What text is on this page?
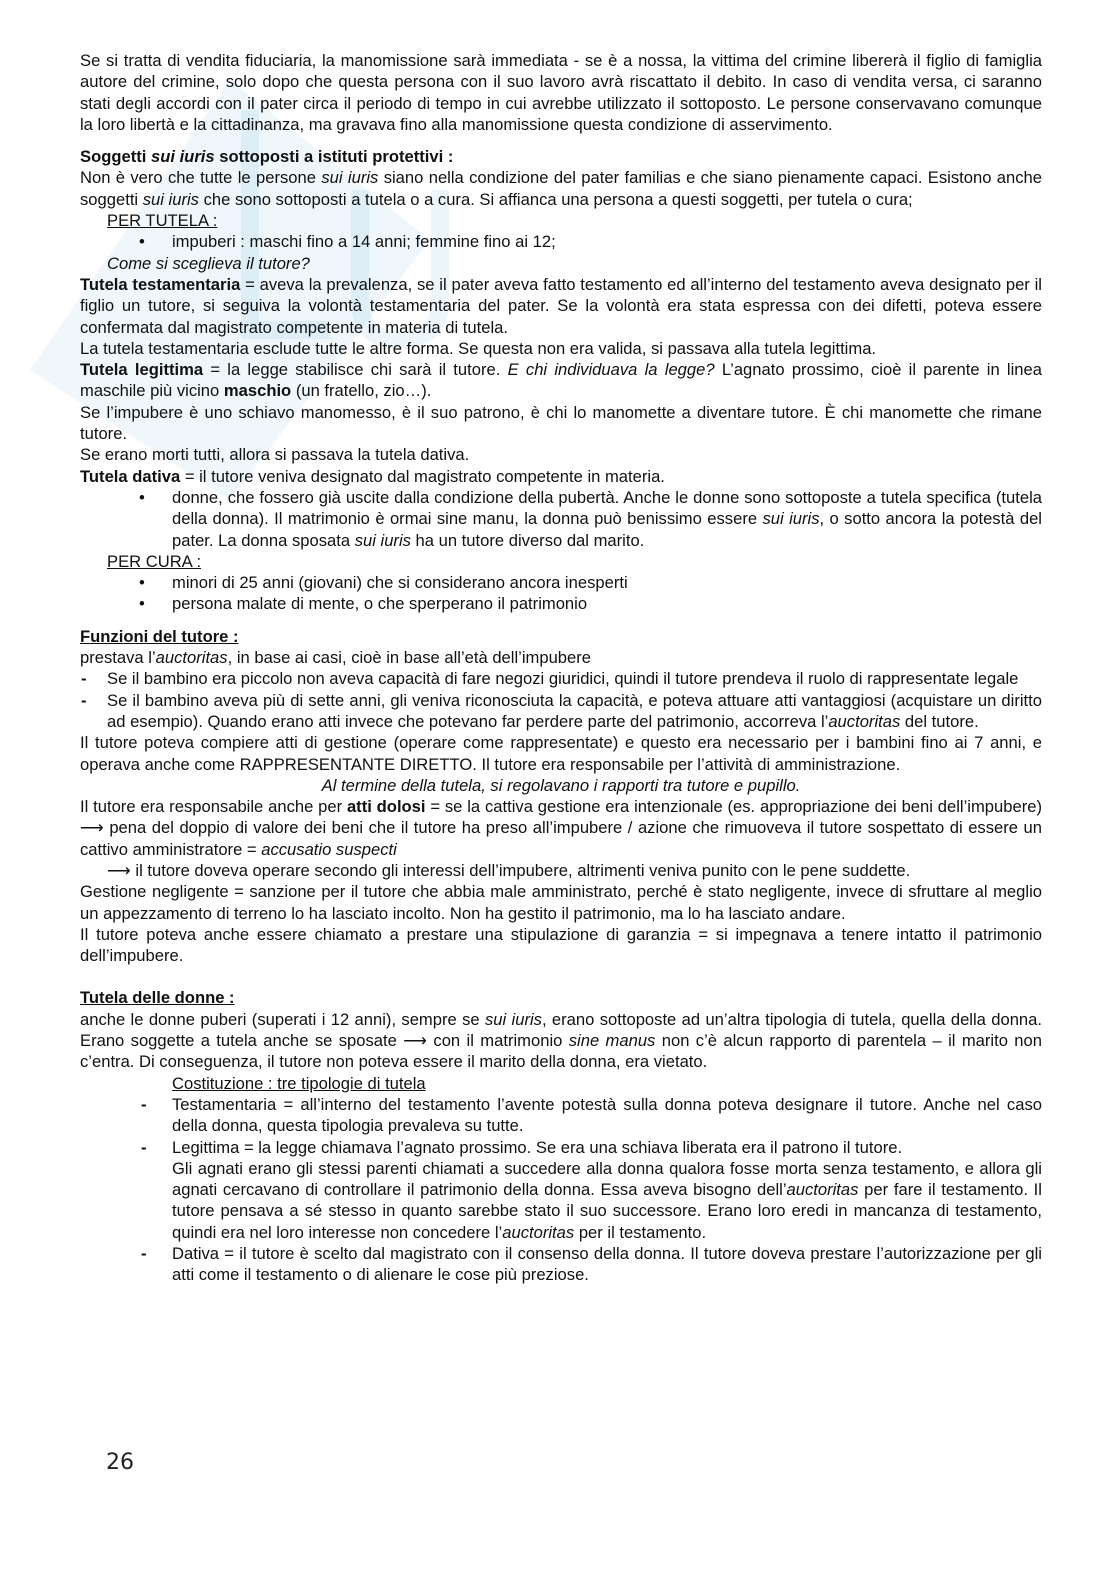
Se si tratta di vendita fiduciaria, la manomissione sarà immediata - se è a nossa, la vittima del crimine libererà il figlio di famiglia autore del crimine, solo dopo che questa persona con il suo lavoro avrà riscattato il debito. In caso di vendita versa, ci saranno stati degli accordi con il pater circa il periodo di tempo in cui avrebbe utilizzato il sottoposto. Le persone conservavano comunque la loro libertà e la cittadinanza, ma gravava fino alla manomissione questa condizione di asservimento.

Soggetti sui iuris sottoposti a istituti protettivi :

Non è vero che tutte le persone sui iuris siano nella condizione del pater familias e che siano pienamente capaci. Esistono anche soggetti sui iuris che sono sottoposti a tutela o a cura. Si affianca una persona a questi soggetti, per tutela o cura;

PER TUTELA :

• impuberi : maschi fino a 14 anni; femmine fino ai 12;

Come si sceglieva il tutore?

Tutela testamentaria = aveva la prevalenza, se il pater aveva fatto testamento ed all’interno del testamento aveva designato per il figlio un tutore, si seguiva la volontà testamentaria del pater. Se la volontà era stata espressa con dei difetti, poteva essere confermata dal magistrato competente in materia di tutela.

La tutela testamentaria esclude tutte le altre forma. Se questa non era valida, si passava alla tutela legittima.

Tutela legittima = la legge stabilisce chi sarà il tutore. E chi individuava la legge? L’agnato prossimo, cioè il parente in linea maschile più vicino maschio (un fratello, zio…).

Se l’impubere è uno schiavo manomesso, è il suo patrono, è chi lo manomette a diventare tutore. È chi manomette che rimane tutore.

Se erano morti tutti, allora si passava la tutela dativa.

Tutela dativa = il tutore veniva designato dal magistrato competente in materia.

• donne, che fossero già uscite dalla condizione della pubertà. Anche le donne sono sottoposte a tutela specifica (tutela della donna). Il matrimonio è ormai sine manu, la donna può benissimo essere sui iuris, o sotto ancora la potestà del pater. La donna sposata sui iuris ha un tutore diverso dal marito.

PER CURA :

• minori di 25 anni (giovani) che si considerano ancora inesperti
• persona malate di mente, o che sperperano il patrimonio

Funzioni del tutore :

prestava l’auctoritas, in base ai casi, cioè in base all’età dell’impubere

- Se il bambino era piccolo non aveva capacità di fare negozi giuridici, quindi il tutore prendeva il ruolo di rappresentate legale
- Se il bambino aveva più di sette anni, gli veniva riconosciuta la capacità, e poteva attuare atti vantaggiosi (acquistare un diritto ad esempio). Quando erano atti invece che potevano far perdere parte del patrimonio, accorreva l’auctoritas del tutore.

Il tutore poteva compiere atti di gestione (operare come rappresentate) e questo era necessario per i bambini fino ai 7 anni, e operava anche come RAPPRESENTANTE DIRETTO. Il tutore era responsabile per l’attività di amministrazione.

Al termine della tutela, si regolavano i rapporti tra tutore e pupillo.

Il tutore era responsabile anche per atti dolosi = se la cattiva gestione era intenzionale (es. appropriazione dei beni dell’impubere) ⟶ pena del doppio di valore dei beni che il tutore ha preso all’impubere / azione che rimuoveva il tutore sospettato di essere un cattivo amministratore = accusatio suspecti

⟶ il tutore doveva operare secondo gli interessi dell’impubere, altrimenti veniva punito con le pene suddette.

Gestione negligente = sanzione per il tutore che abbia male amministrato, perché è stato negligente, invece di sfruttare al meglio un appezzamento di terreno lo ha lasciato incolto. Non ha gestito il patrimonio, ma lo ha lasciato andare.

Il tutore poteva anche essere chiamato a prestare una stipulazione di garanzia = si impegnava a tenere intatto il patrimonio dell’impubere.

Tutela delle donne :

anche le donne puberi (superati i 12 anni), sempre se sui iuris, erano sottoposte ad un’altra tipologia di tutela, quella della donna. Erano soggette a tutela anche se sposate ⟶ con il matrimonio sine manus non c’è alcun rapporto di parentela – il marito non c’entra. Di conseguenza, il tutore non poteva essere il marito della donna, era vietato.

Costituzione : tre tipologie di tutela

- Testamentaria = all’interno del testamento l’avente potestà sulla donna poteva designare il tutore. Anche nel caso della donna, questa tipologia prevaleva su tutte.
- Legittima = la legge chiamava l’agnato prossimo. Se era una schiava liberata era il patrono il tutore.
Gli agnati erano gli stessi parenti chiamati a succedere alla donna qualora fosse morta senza testamento, e allora gli agnati cercavano di controllare il patrimonio della donna. Essa aveva bisogno dell’auctoritas per fare il testamento. Il tutore pensava a sé stesso in quanto sarebbe stato il suo successore. Erano loro eredi in mancanza di testamento, quindi era nel loro interesse non concedere l’auctoritas per il testamento.
- Dativa = il tutore è scelto dal magistrato con il consenso della donna. Il tutore doveva prestare l’autorizzazione per gli atti come il testamento o di alienare le cose più preziose.
26
